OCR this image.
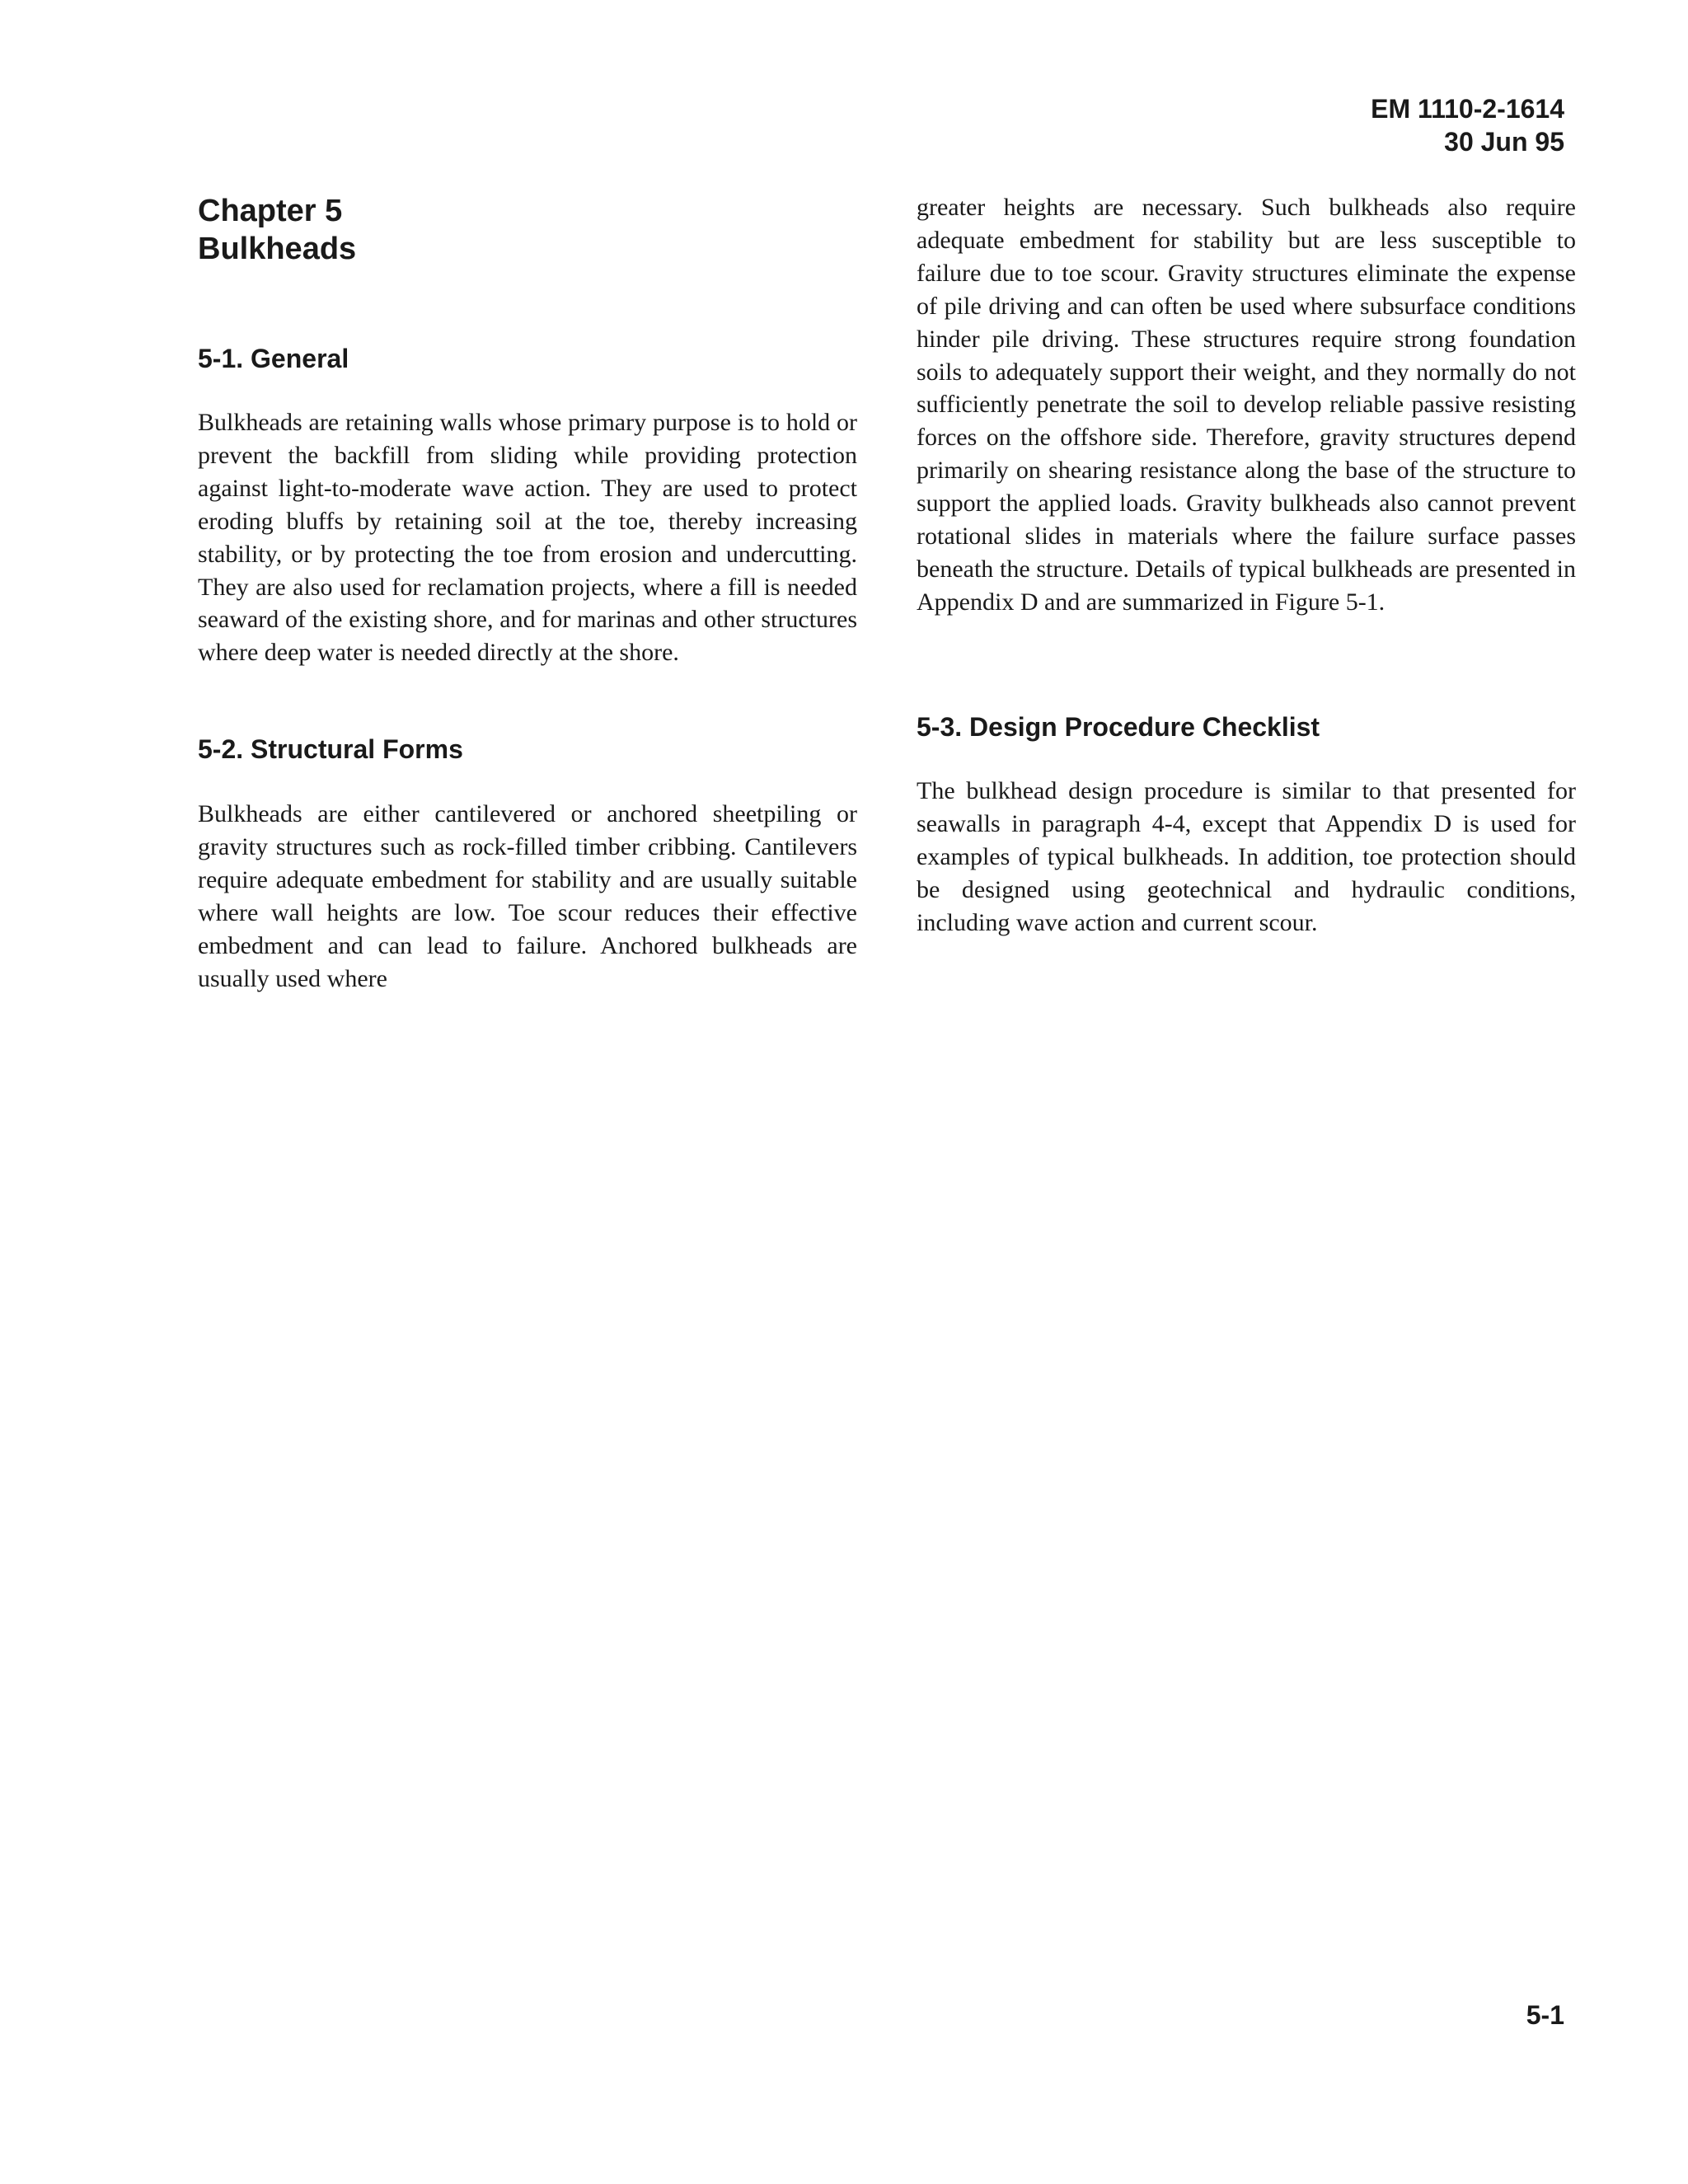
EM 1110-2-1614
30 Jun 95
Chapter 5
Bulkheads
5-1. General

Bulkheads are retaining walls whose primary purpose is to hold or prevent the backfill from sliding while providing protection against light-to-moderate wave action. They are used to protect eroding bluffs by retaining soil at the toe, thereby increasing stability, or by protecting the toe from erosion and undercutting. They are also used for reclamation projects, where a fill is needed seaward of the existing shore, and for marinas and other structures where deep water is needed directly at the shore.

5-2. Structural Forms

Bulkheads are either cantilevered or anchored sheetpiling or gravity structures such as rock-filled timber cribbing. Cantilevers require adequate embedment for stability and are usually suitable where wall heights are low. Toe scour reduces their effective embedment and can lead to failure. Anchored bulkheads are usually used where

greater heights are necessary. Such bulkheads also require adequate embedment for stability but are less susceptible to failure due to toe scour. Gravity structures eliminate the expense of pile driving and can often be used where subsurface conditions hinder pile driving. These structures require strong foundation soils to adequately support their weight, and they normally do not sufficiently penetrate the soil to develop reliable passive resisting forces on the offshore side. Therefore, gravity structures depend primarily on shearing resistance along the base of the structure to support the applied loads. Gravity bulkheads also cannot prevent rotational slides in materials where the failure surface passes beneath the structure. Details of typical bulkheads are presented in Appendix D and are summarized in Figure 5-1.

5-3. Design Procedure Checklist

The bulkhead design procedure is similar to that presented for seawalls in paragraph 4-4, except that Appendix D is used for examples of typical bulkheads. In addition, toe protection should be designed using geotechnical and hydraulic conditions, including wave action and current scour.

5-1
